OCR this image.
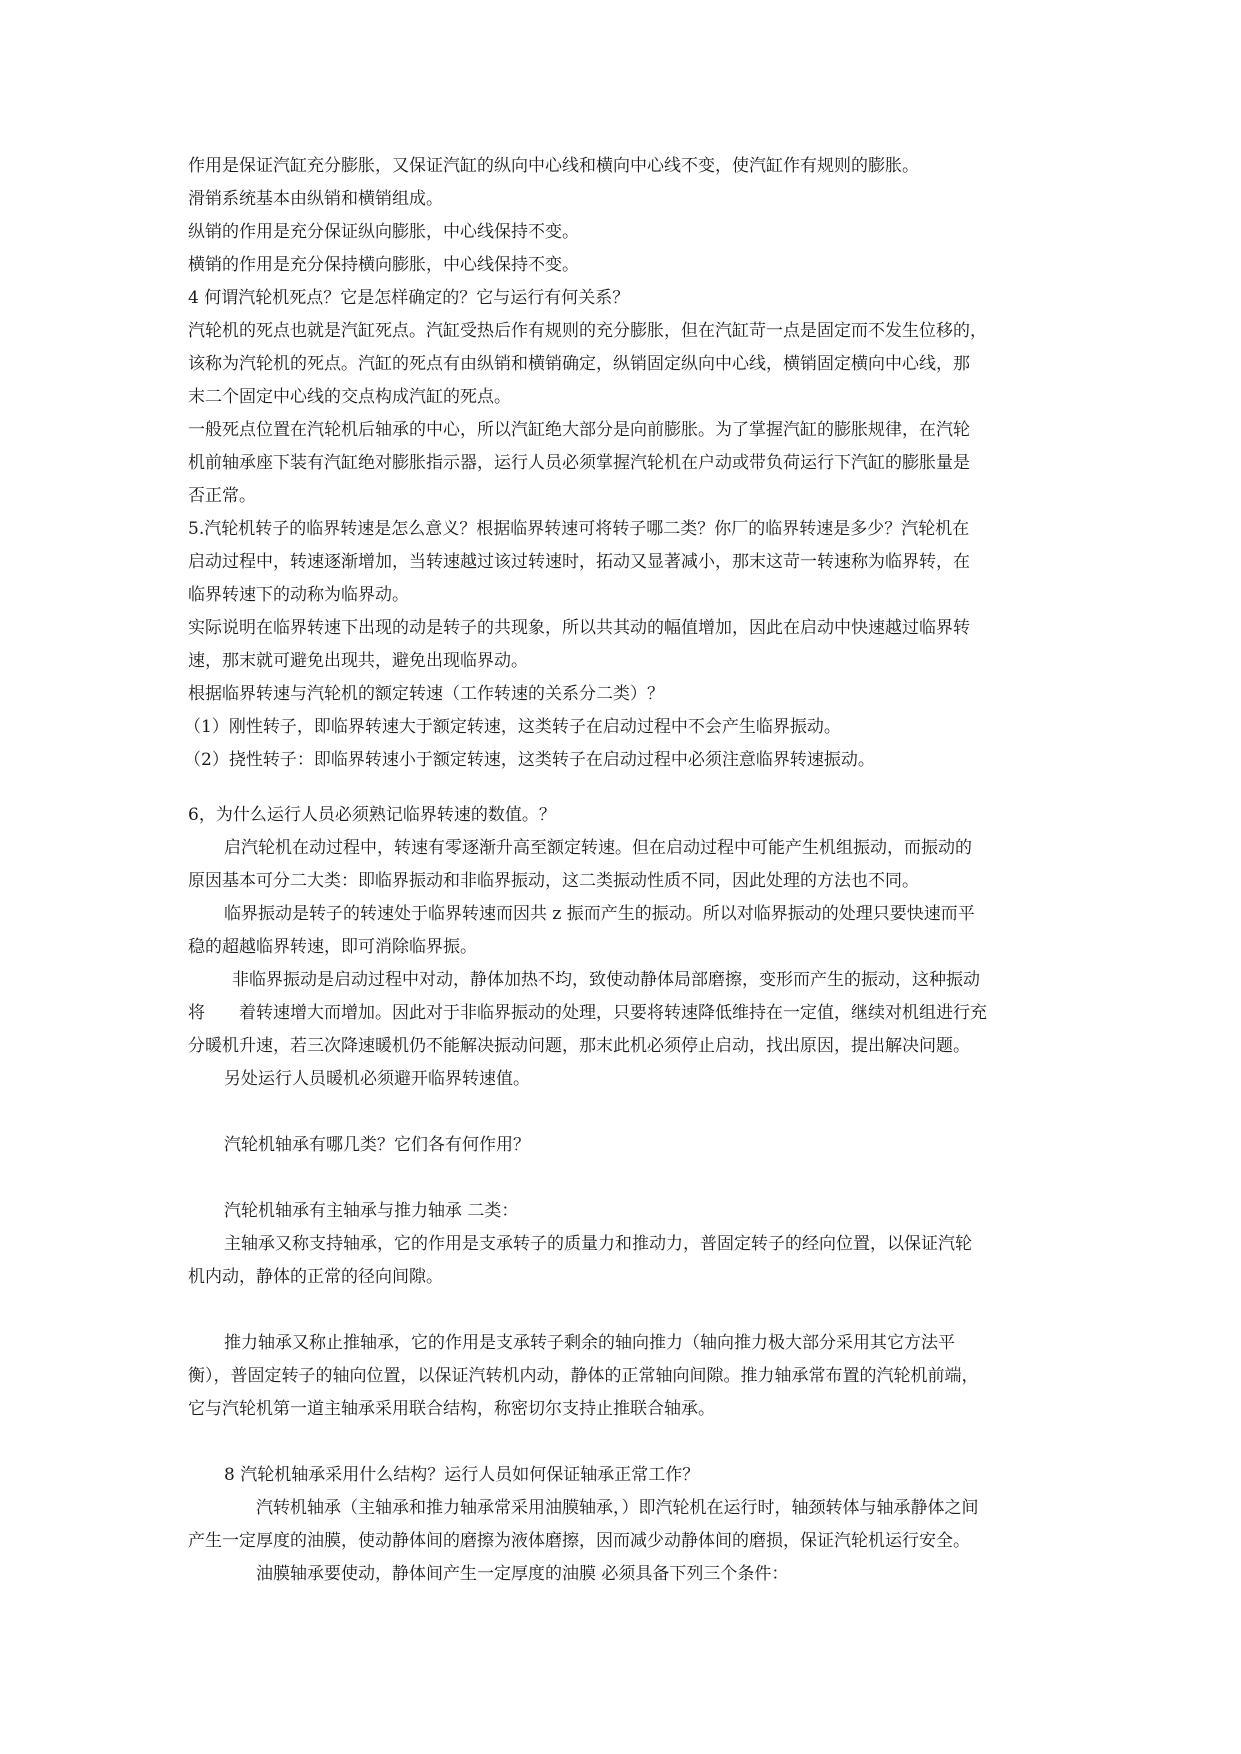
作用是保证汽缸充分膨胀，又保证汽缸的纵向中心线和横向中心线不变，使汽缸作有规则的膨胀。
滑销系统基本由纵销和横销组成。
纵销的作用是充分保证纵向膨胀，中心线保持不变。
横销的作用是充分保持横向膨胀，中心线保持不变。
4 何谓汽轮机死点？它是怎样确定的？它与运行有何关系？
汽轮机的死点也就是汽缸死点。汽缸受热后作有规则的充分膨胀，但在汽缸苛一点是固定而不发生位移的，
该称为汽轮机的死点。汽缸的死点有由纵销和横销确定，纵销固定纵向中心线，横销固定横向中心线，那
末二个固定中心线的交点构成汽缸的死点。
一般死点位置在汽轮机后轴承的中心，所以汽缸绝大部分是向前膨胀。为了掌握汽缸的膨胀规律，在汽轮
机前轴承座下装有汽缸绝对膨胀指示器，运行人员必须掌握汽轮机在户动或带负荷运行下汽缸的膨胀量是
否正常。
5.汽轮机转子的临界转速是怎么意义？根据临界转速可将转子哪二类？你厂的临界转速是多少？汽轮机在
启动过程中，转速逐渐增加，当转速越过该过转速时，拓动又显著减小，那末这苛一转速称为临界转，在
临界转速下的动称为临界动。
实际说明在临界转速下出现的动是转子的共现象，所以共其动的幅值增加，因此在启动中快速越过临界转
速，那末就可避免出现共，避免出现临界动。
根据临界转速与汽轮机的额定转速（工作转速的关系分二类）？
（1）刚性转子，即临界转速大于额定转速，这类转子在启动过程中不会产生临界振动。
（2）挠性转子：即临界转速小于额定转速，这类转子在启动过程中必须注意临界转速振动。
6，为什么运行人员必须熟记临界转速的数值。？
启汽轮机在动过程中，转速有零逐渐升高至额定转速。但在启动过程中可能产生机组振动，而振动的
原因基本可分二大类：即临界振动和非临界振动，这二类振动性质不同，因此处理的方法也不同。
临界振动是转子的转速处于临界转速而因共 z 振而产生的振动。所以对临界振动的处理只要快速而平
稳的超越临界转速，即可消除临界振。
非临界振动是启动过程中对动，静体加热不均，致使动静体局部磨擦，变形而产生的振动，这种振动
将　　着转速增大而增加。因此对于非临界振动的处理，只要将转速降低维持在一定值，继续对机组进行充
分暖机升速，若三次降速暖机仍不能解决振动问题，那末此机必须停止启动，找出原因，提出解决问题。
另处运行人员暖机必须避开临界转速值。
汽轮机轴承有哪几类？它们各有何作用？
汽轮机轴承有主轴承与推力轴承 二类：
主轴承又称支持轴承，它的作用是支承转子的质量力和推动力，普固定转子的经向位置，以保证汽轮
机内动，静体的正常的径向间隙。
推力轴承又称止推轴承，它的作用是支承转子剩余的轴向推力（轴向推力极大部分采用其它方法平
衡），普固定转子的轴向位置，以保证汽转机内动，静体的正常轴向间隙。推力轴承常布置的汽轮机前端，
它与汽轮机第一道主轴承采用联合结构，称密切尔支持止推联合轴承。
8 汽轮机轴承采用什么结构？运行人员如何保证轴承正常工作？
汽转机轴承（主轴承和推力轴承常采用油膜轴承，）即汽轮机在运行时，轴颈转体与轴承静体之间
产生一定厚度的油膜，使动静体间的磨擦为液体磨擦，因而减少动静体间的磨损，保证汽轮机运行安全。
油膜轴承要使动，静体间产生一定厚度的油膜 必须具备下列三个条件：
